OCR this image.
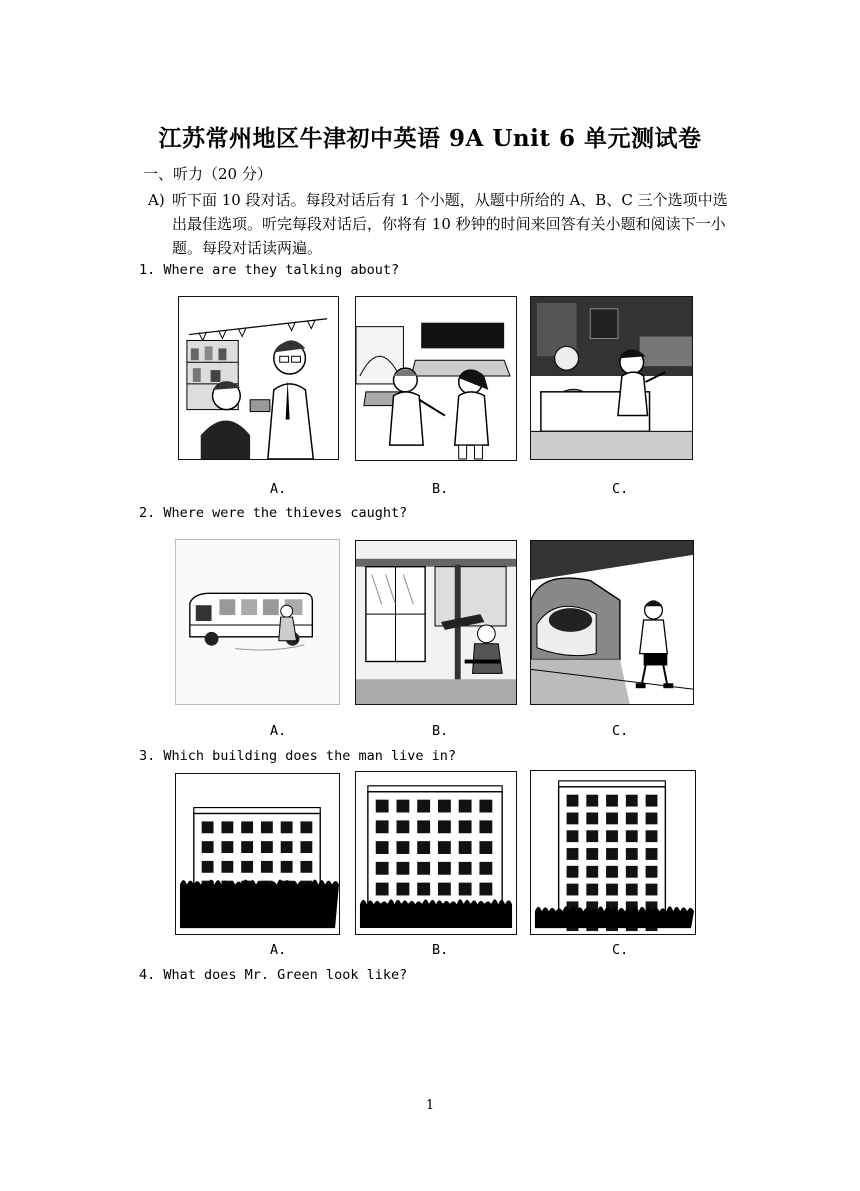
江苏常州地区牛津初中英语 9A Unit 6 单元测试卷
一、听力（20 分）
A) 听下面 10 段对话。每段对话后有 1 个小题，从题中所给的 A、B、C 三个选项中选出最佳选项。听完每段对话后，你将有 10 秒钟的时间来回答有关小题和阅读下一小题。每段对话读两遍。
1. Where are they talking about?
A.	B.	C.
2. Where were the thieves caught?
A.	B.	C.
3. Which building does the man live in?
A.	B.	C.
4. What does Mr. Green look like?
1
